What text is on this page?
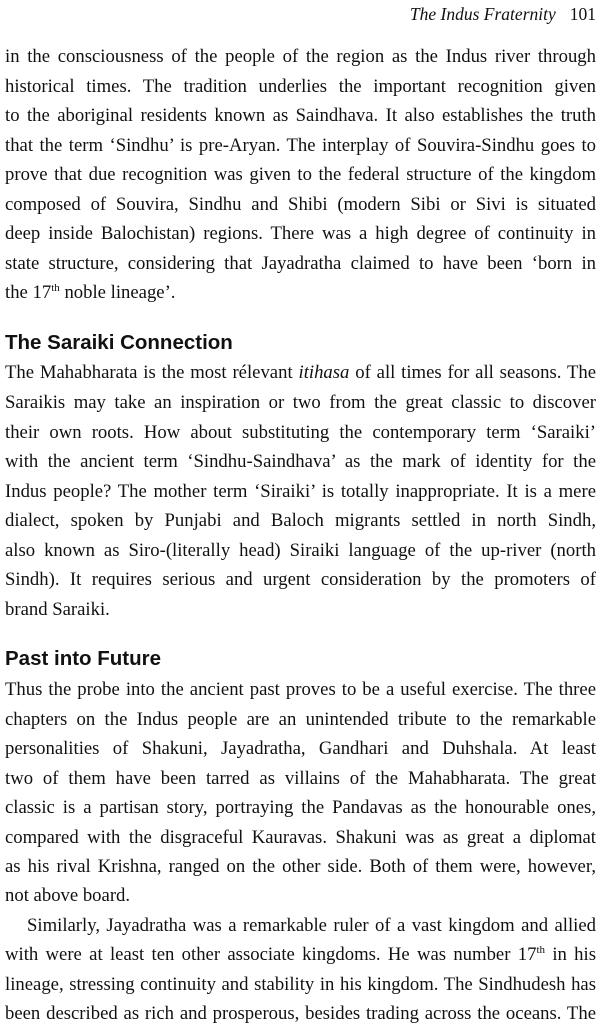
The Indus Fraternity 101
in the consciousness of the people of the region as the Indus river through
historical times. The tradition underlies the important recognition given
to the aboriginal residents known as Saindhava. It also establishes the truth
that the term ‘Sindhu’ is pre-Aryan. The interplay of Souvira-Sindhu goes to
prove that due recognition was given to the federal structure of the kingdom
composed of Souvira, Sindhu and Shibi (modern Sibi or Sivi is situated
deep inside Balochistan) regions. There was a high degree of continuity in
state structure, considering that Jayadratha claimed to have been ‘born in
the 17th noble lineage’.
The Saraiki Connection
The Mahabharata is the most rélevant itihasa of all times for all seasons. The
Saraikis may take an inspiration or two from the great classic to discover
their own roots. How about substituting the contemporary term ‘Saraiki’
with the ancient term ‘Sindhu-Saindhava’ as the mark of identity for the
Indus people? The mother term ‘Siraiki’ is totally inappropriate. It is a mere
dialect, spoken by Punjabi and Baloch migrants settled in north Sindh,
also known as Siro-(literally head) Siraiki language of the up-river (north
Sindh). It requires serious and urgent consideration by the promoters of
brand Saraiki.
Past into Future
Thus the probe into the ancient past proves to be a useful exercise. The three
chapters on the Indus people are an unintended tribute to the remarkable
personalities of Shakuni, Jayadratha, Gandhari and Duhshala. At least
two of them have been tarred as villains of the Mahabharata. The great
classic is a partisan story, portraying the Pandavas as the honourable ones,
compared with the disgraceful Kauravas. Shakuni was as great a diplomat
as his rival Krishna, ranged on the other side. Both of them were, however,
not above board.
Similarly, Jayadratha was a remarkable ruler of a vast kingdom and allied
with were at least ten other associate kingdoms. He was number 17th in his
lineage, stressing continuity and stability in his kingdom. The Sindhudesh has
been described as rich and prosperous, besides trading across the oceans. The
